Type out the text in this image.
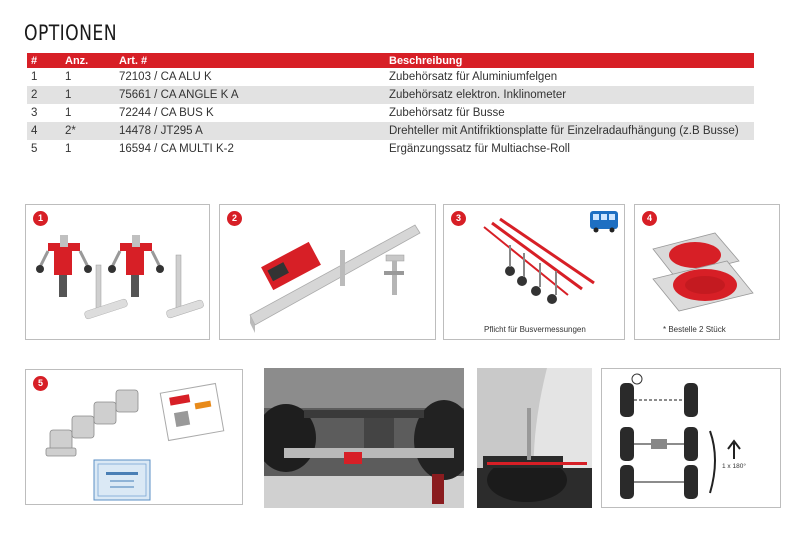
OPTIONEN
#	Anz.	Art. #	Beschreibung
1	1	72103 / CA ALU K	Zubehörsatz für Aluminiumfelgen
2	1	75661 / CA ANGLE K A	Zubehörsatz elektron. Inklinometer
3	1	72244 / CA BUS K	Zubehörsatz für Busse
4	2*	14478 / JT295 A	Drehteller mit Antifriktionsplatte für Einzelradaufhängung (z.B Busse)
5	1	16594 / CA MULTI K-2	Ergänzungssatz für Multiachse-Roll
1	2	3
Pflicht für Busvermessungen
4
* Bestelle 2 Stück
5
1 x 180°
